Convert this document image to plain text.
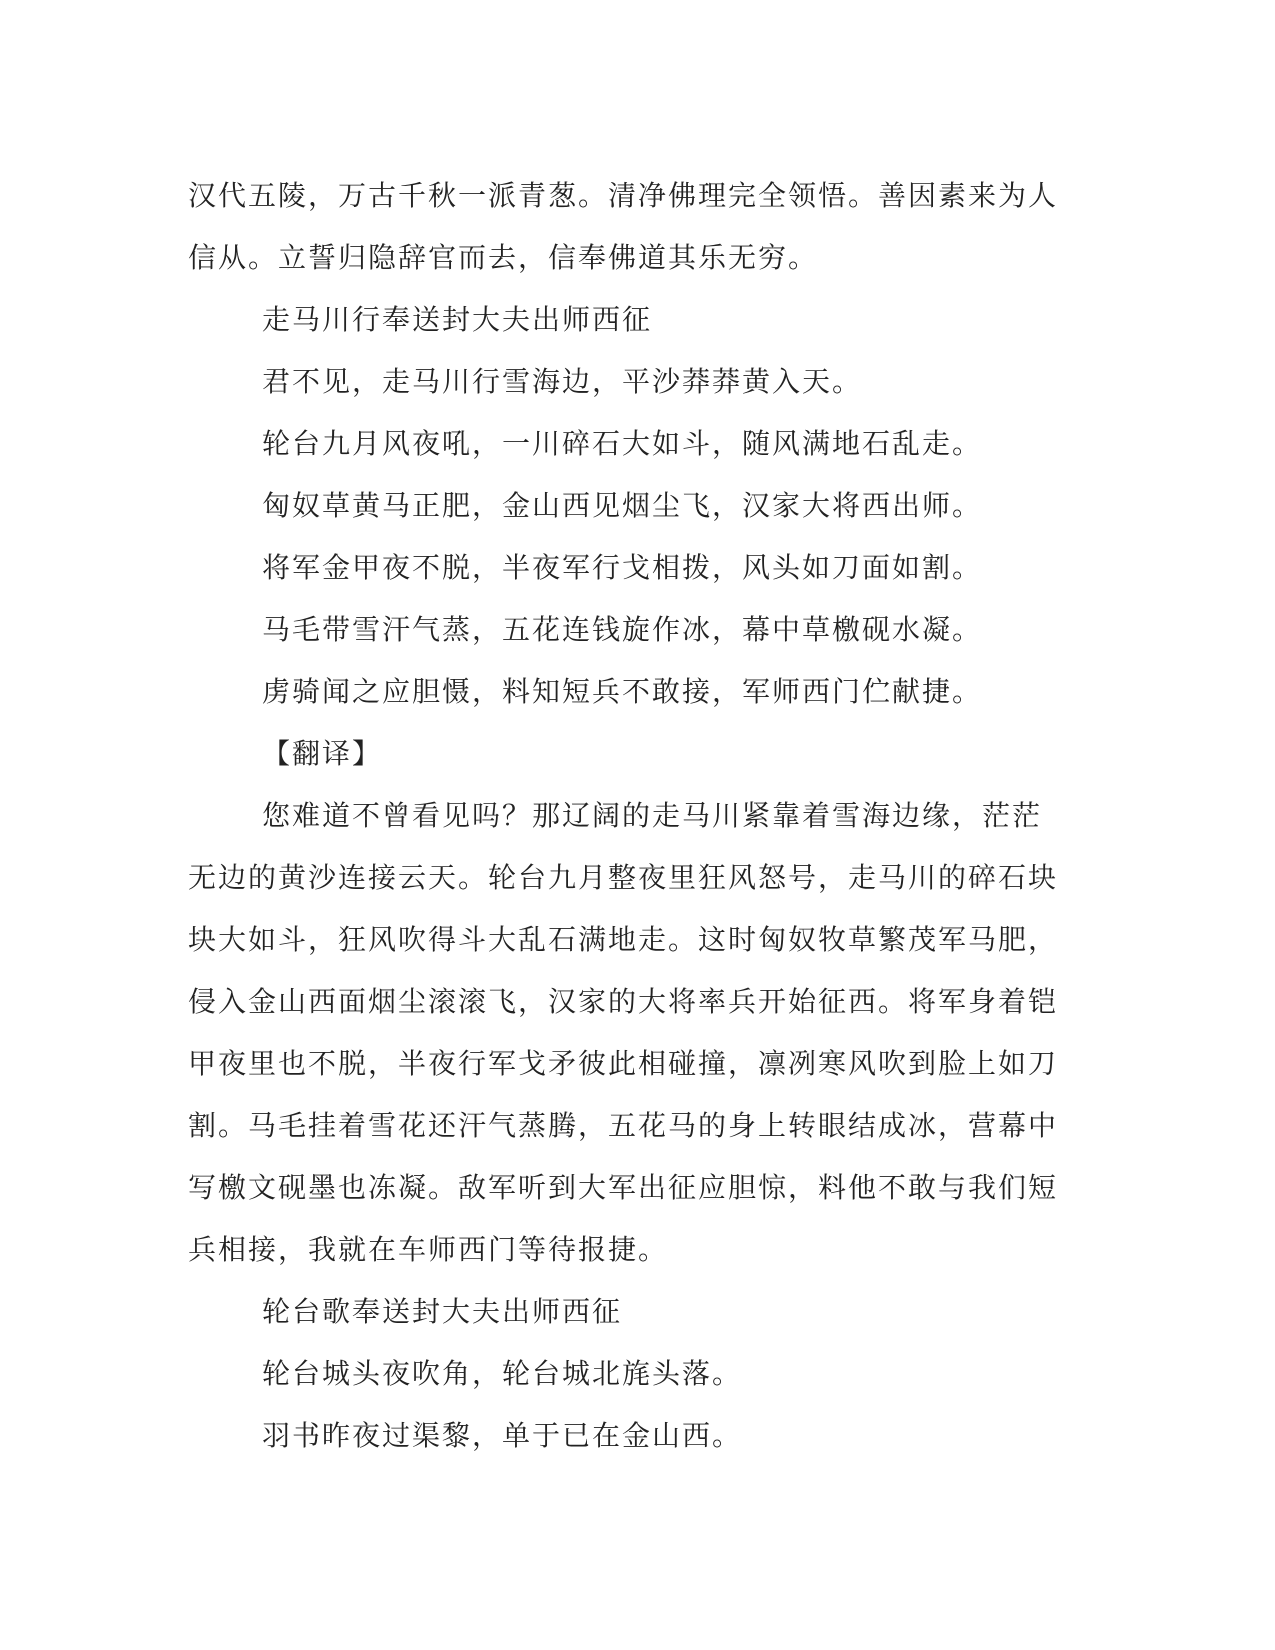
汉代五陵，万古千秋一派青葱。清净佛理完全领悟。善因素来为人信从。立誓归隐辞官而去，信奉佛道其乐无穷。

走马川行奉送封大夫出师西征

君不见，走马川行雪海边，平沙莽莽黄入天。

轮台九月风夜吼，一川碎石大如斗，随风满地石乱走。

匈奴草黄马正肥，金山西见烟尘飞，汉家大将西出师。

将军金甲夜不脱，半夜军行戈相拨，风头如刀面如割。

马毛带雪汗气蒸，五花连钱旋作冰，幕中草檄砚水凝。

虏骑闻之应胆慑，料知短兵不敢接，军师西门伫献捷。

【翻译】

您难道不曾看见吗？那辽阔的走马川紧靠着雪海边缘，茫茫无边的黄沙连接云天。轮台九月整夜里狂风怒号，走马川的碎石块块大如斗，狂风吹得斗大乱石满地走。这时匈奴牧草繁茂军马肥，侵入金山西面烟尘滚滚飞，汉家的大将率兵开始征西。将军身着铠甲夜里也不脱，半夜行军戈矛彼此相碰撞，凛冽寒风吹到脸上如刀割。马毛挂着雪花还汗气蒸腾，五花马的身上转眼结成冰，营幕中写檄文砚墨也冻凝。敌军听到大军出征应胆惊，料他不敢与我们短兵相接，我就在车师西门等待报捷。

轮台歌奉送封大夫出师西征

轮台城头夜吹角，轮台城北旄头落。

羽书昨夜过渠黎，单于已在金山西。
